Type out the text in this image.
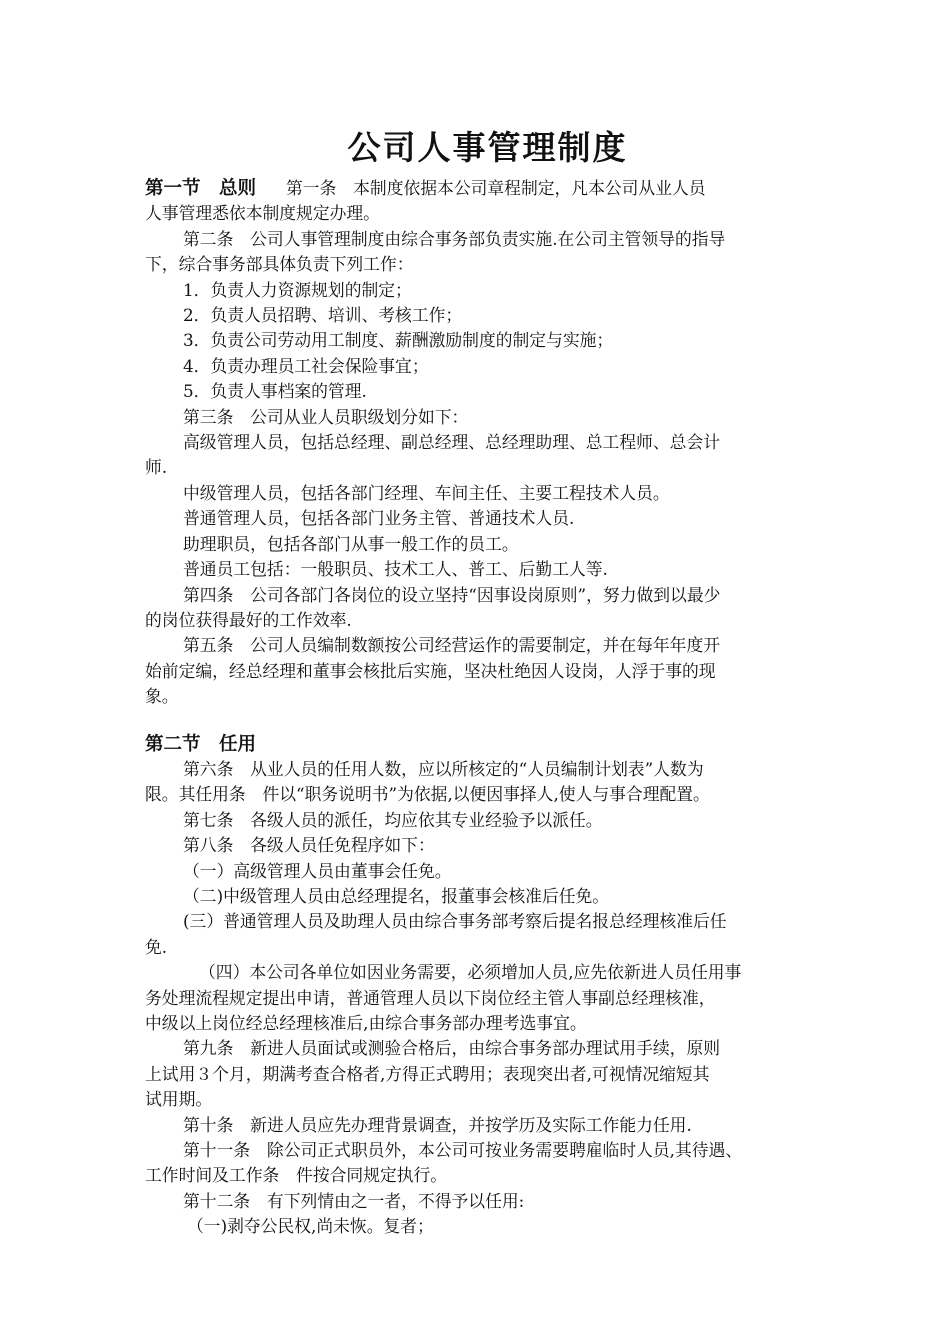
公司人事管理制度

第一节　总则 第一条　本制度依据本公司章程制定，凡本公司从业人员

人事管理悉依本制度规定办理。

第二条　公司人事管理制度由综合事务部负责实施.在公司主管领导的指导

下，综合事务部具体负责下列工作：

1．负责人力资源规划的制定；

2．负责人员招聘、培训、考核工作；

3．负责公司劳动用工制度、薪酬激励制度的制定与实施；

4．负责办理员工社会保险事宜；

5．负责人事档案的管理.

第三条　公司从业人员职级划分如下：

高级管理人员，包括总经理、副总经理、总经理助理、总工程师、总会计

师.

中级管理人员，包括各部门经理、车间主任、主要工程技术人员。

普通管理人员，包括各部门业务主管、普通技术人员.

助理职员，包括各部门从事一般工作的员工。

普通员工包括：一般职员、技术工人、普工、后勤工人等.

第四条　公司各部门各岗位的设立坚持“因事设岗原则”，努力做到以最少

的岗位获得最好的工作效率.

第五条　公司人员编制数额按公司经营运作的需要制定，并在每年年度开

始前定编，经总经理和董事会核批后实施，坚决杜绝因人设岗，人浮于事的现

象。

第二节　任用

第六条　从业人员的任用人数，应以所核定的“人员编制计划表”人数为

限。其任用条　件以“职务说明书”为依据,以便因事择人,使人与事合理配置。

第七条　各级人员的派任，均应依其专业经验予以派任。

第八条　各级人员任免程序如下：

（一）高级管理人员由董事会任免。

（二)中级管理人员由总经理提名，报董事会核准后任免。

(三）普通管理人员及助理人员由综合事务部考察后提名报总经理核准后任

免.

（四）本公司各单位如因业务需要，必须增加人员,应先依新进人员任用事

务处理流程规定提出申请，普通管理人员以下岗位经主管人事副总经理核准，

中级以上岗位经总经理核准后,由综合事务部办理考选事宜。

第九条　新进人员面试或测验合格后，由综合事务部办理试用手续，原则

上试用３个月，期满考查合格者,方得正式聘用；表现突出者,可视情况缩短其

试用期。

第十条　新进人员应先办理背景调查，并按学历及实际工作能力任用.

第十一条　除公司正式职员外，本公司可按业务需要聘雇临时人员,其待遇、

工作时间及工作条　件按合同规定执行。

第十二条　有下列情由之一者，不得予以任用:

（一)剥夺公民权,尚未恢。复者；
